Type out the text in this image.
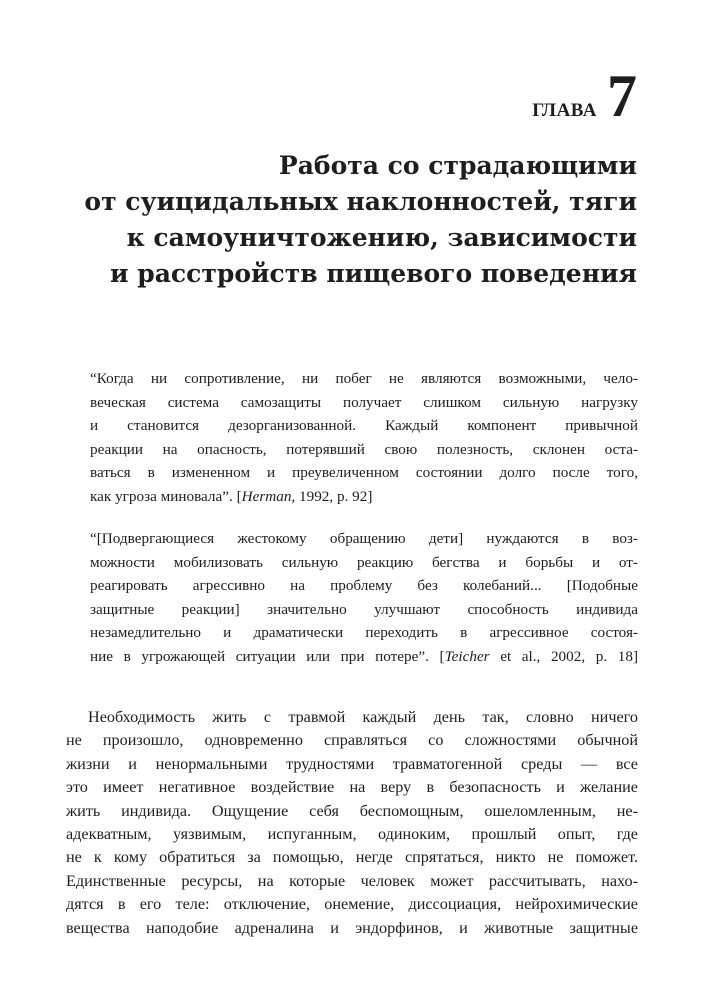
ГЛАВА 7
Работа со страдающими
от суицидальных наклонностей, тяги
к самоуничтожению, зависимости
и расстройств пищевого поведения
“Когда ни сопротивление, ни побег не являются возможными, чело-
веческая система самозащиты получает слишком сильную нагрузку
и становится дезорганизованной. Каждый компонент привычной
реакции на опасность, потерявший свою полезность, склонен оста-
ваться в измененном и преувеличенном состоянии долго после того,
как угроза миновала”. [Herman, 1992, p. 92]
“[Подвергающиеся жестокому обращению дети] нуждаются в воз-
можности мобилизовать сильную реакцию бегства и борьбы и от-
реагировать агрессивно на проблему без колебаний... [Подобные
защитные реакции] значительно улучшают способность индивида
незамедлительно и драматически переходить в агрессивное состоя-
ние в угрожающей ситуации или при потере”. [Teicher et al., 2002, p. 18]
Необходимость жить с травмой каждый день так, словно ничего
не произошло, одновременно справляться со сложностями обычной
жизни и ненормальными трудностями травматогенной среды — все
это имеет негативное воздействие на веру в безопасность и желание
жить индивида. Ощущение себя беспомощным, ошеломленным, не-
адекватным, уязвимым, испуганным, одиноким, прошлый опыт, где
не к кому обратиться за помощью, негде спрятаться, никто не поможет.
Единственные ресурсы, на которые человек может рассчитывать, нахо-
дятся в его теле: отключение, онемение, диссоциация, нейрохимические
вещества наподобие адреналина и эндорфинов, и животные защитные
